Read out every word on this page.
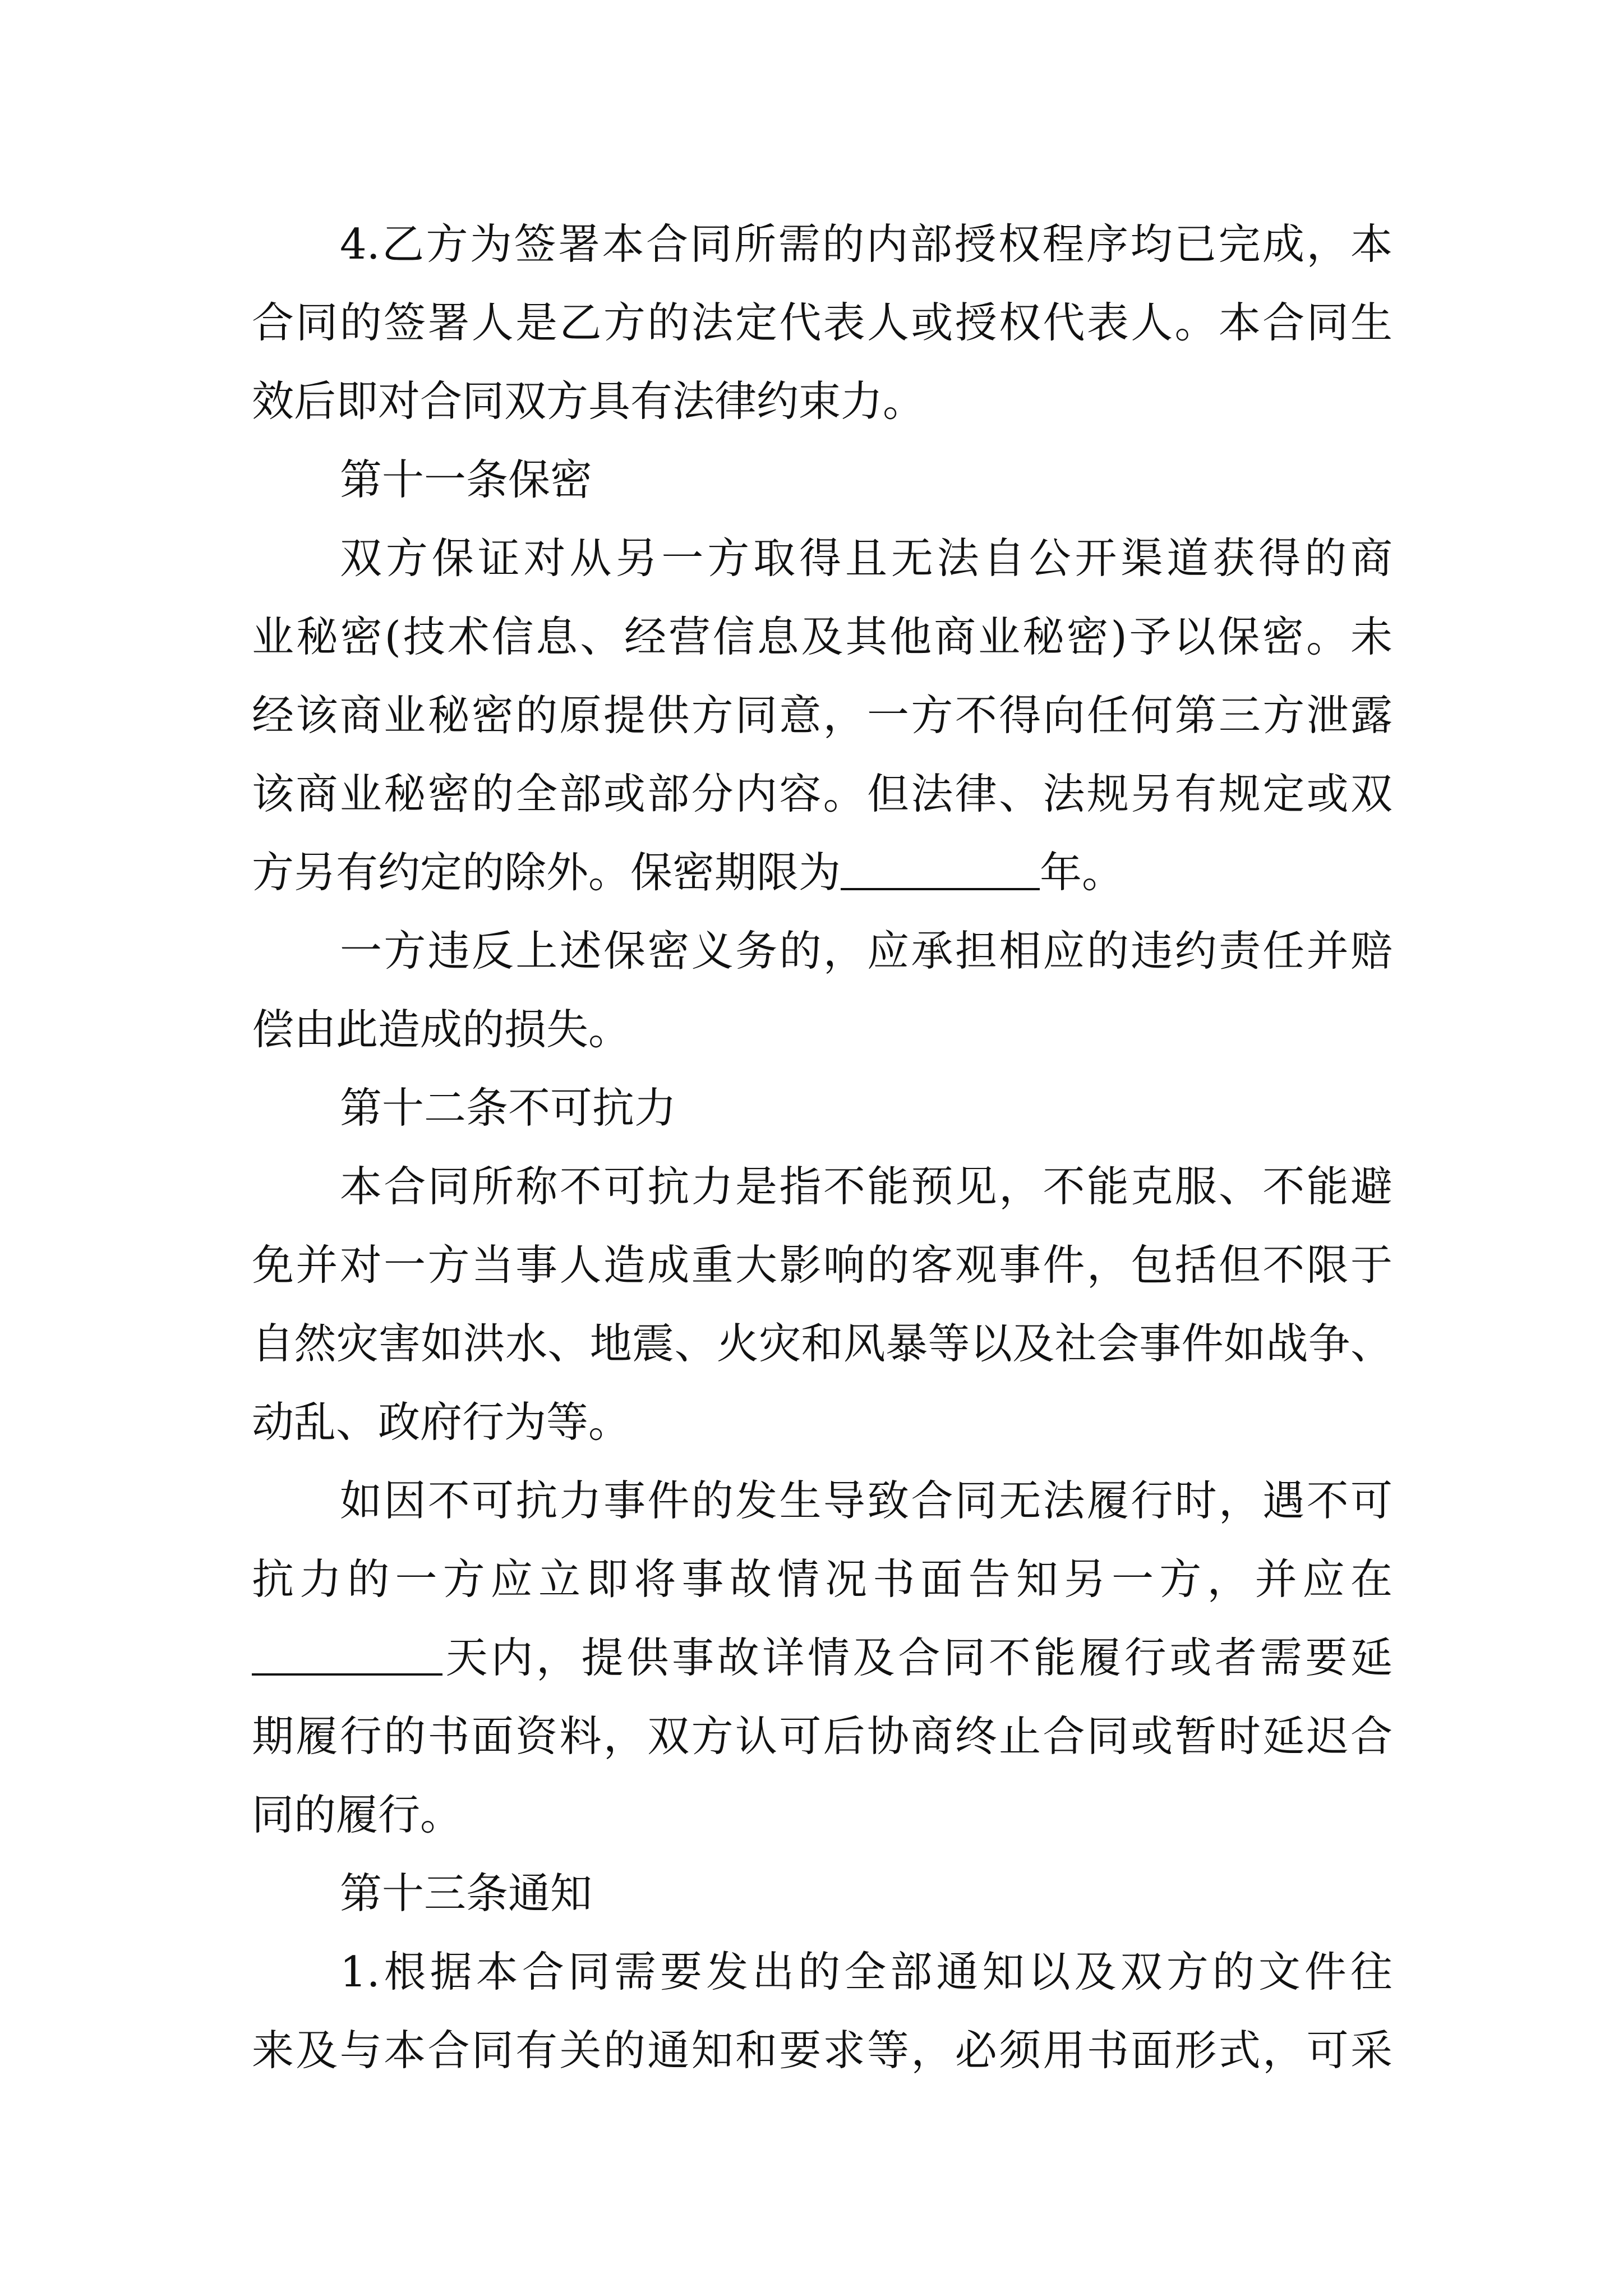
4.乙方为签署本合同所需的内部授权程序均已完成，本
合同的签署人是乙方的法定代表人或授权代表人。本合同生
效后即对合同双方具有法律约束力。
第十一条保密
双方保证对从另一方取得且无法自公开渠道获得的商
业秘密(技术信息、经营信息及其他商业秘密)予以保密。未
经该商业秘密的原提供方同意，一方不得向任何第三方泄露
该商业秘密的全部或部分内容。但法律、法规另有规定或双
方另有约定的除外。保密期限为	年。
一方违反上述保密义务的，应承担相应的违约责任并赔
偿由此造成的损失。
第十二条不可抗力
本合同所称不可抗力是指不能预见，不能克服、不能避
免并对一方当事人造成重大影响的客观事件，包括但不限于
自然灾害如洪水、地震、火灾和风暴等以及社会事件如战争、
动乱、政府行为等。
如因不可抗力事件的发生导致合同无法履行时，遇不可
抗力的一方应立即将事故情况书面告知另一方，并应在
天内，提供事故详情及合同不能履行或者需要延
期履行的书面资料，双方认可后协商终止合同或暂时延迟合
同的履行。
第十三条通知
1.根据本合同需要发出的全部通知以及双方的文件往
来及与本合同有关的通知和要求等，必须用书面形式，可采
